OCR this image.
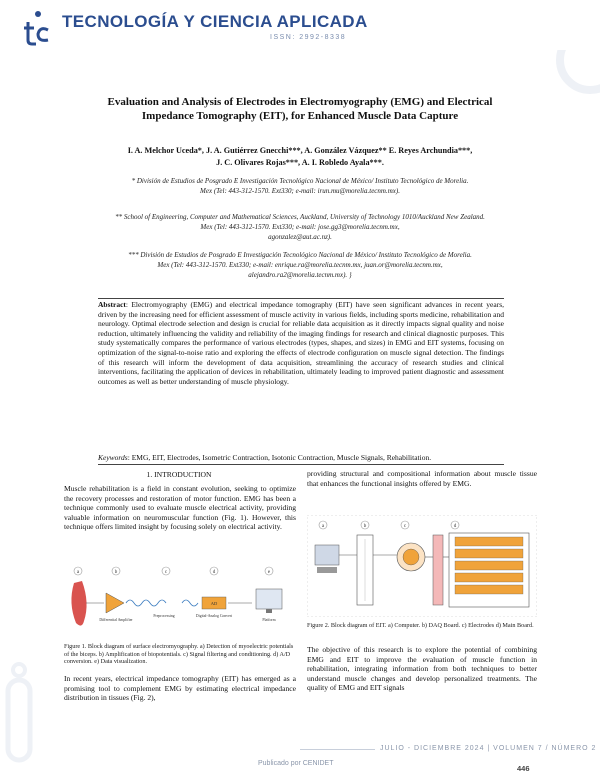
TECNOLOGÍA Y CIENCIA APLICADA
ISSN: 2992-8338
Evaluation and Analysis of Electrodes in Electromyography (EMG) and Electrical Impedance Tomography (EIT), for Enhanced Muscle Data Capture
I. A. Melchor Uceda*, J. A. Gutiérrez Gnecchi***, A. González Vázquez** E. Reyes Archundia***,
J. C. Olivares Rojas***, A. I. Robledo Ayala***.
* División de Estudios de Posgrado E Investigación Tecnológico Nacional de México/ Instituto Tecnológico de Morelia.
Mex (Tel: 443-312-1570. Ext330; e-mail: irun.mu@morelia.tecnm.mx).
** School of Engineering, Computer and Mathematical Sciences, Auckland, University of Technology 1010/Auckland New Zealand. Mex (Tel: 443-312-1570. Ext330; e-mail: jose.gg3@morelia.tecnm.mx,
agonzalez@aut.ac.nz).
*** División de Estudios de Posgrado E Investigación Tecnológico Nacional de México/ Instituto Tecnológico de Morelia.
Mex (Tel: 443-312-1570. Ext330; e-mail: enrique.ra@morelia.tecnm.mx, juan.or@morelia.tecnm.mx, alejandro.ra2@morelia.tecnm.mx). }
Abstract: Electromyography (EMG) and electrical impedance tomography (EIT) have seen significant advances in recent years, driven by the increasing need for efficient assessment of muscle activity in various fields, including sports medicine, rehabilitation and neurology. Optimal electrode selection and design is crucial for reliable data acquisition as it directly impacts signal quality and noise reduction, ultimately influencing the validity and reliability of the imaging findings for research and clinical diagnostic purposes. This study systematically compares the performance of various electrodes (types, shapes, and sizes) in EMG and EIT systems, focusing on optimization of the signal-to-noise ratio and exploring the effects of electrode configuration on muscle signal detection. The findings of this research will inform the development of data acquisition, streamlining the accuracy of research studies and clinical interventions, facilitating the application of devices in rehabilitation, ultimately leading to improved patient diagnostic and assessment outcomes as well as better understanding of muscle physiology.
Keywords: EMG, EIT, Electrodes, Isometric Contraction, Isotonic Contraction, Muscle Signals, Rehabilitation.
1. INTRODUCTION
Muscle rehabilitation is a field in constant evolution, seeking to optimize the recovery processes and restoration of motor function. EMG has been a technique commonly used to evaluate muscle electrical activity, providing valuable information on neuromuscular function (Fig. 1). However, this technique offers limited insight by focusing solely on electrical activity.
a	b
Differential Amplifier
c
Preprocessing
d
AD
Digital-Analog Convert
e
Platform
Figure 1. Block diagram of surface electromyography. a) Detection of myoelectric potentials of the biceps. b) Amplification of biopotentials. c) Signal filtering and conditioning. d) A/D conversion. e) Data visualization.
In recent years, electrical impedance tomography (EIT) has emerged as a promising tool to complement EMG by estimating electrical impedance distribution in tissues (Fig. 2),
providing structural and compositional information about muscle tissue that enhances the functional insights offered by EMG.
a	b	c	d
Figure 2. Block diagram of EIT. a) Computer. b) DAQ Board. c) Electrodes d) Main Board.
The objective of this research is to explore the potential of combining EMG and EIT to improve the evaluation of muscle function in rehabilitation, integrating information from both techniques to better understand muscle changes and develop personalized treatments. The quality of EMG and EIT signals
JULIO - DICIEMBRE 2024 | VOLUMEN 7 / NÚMERO 2
Publicado por CENIDET
446
